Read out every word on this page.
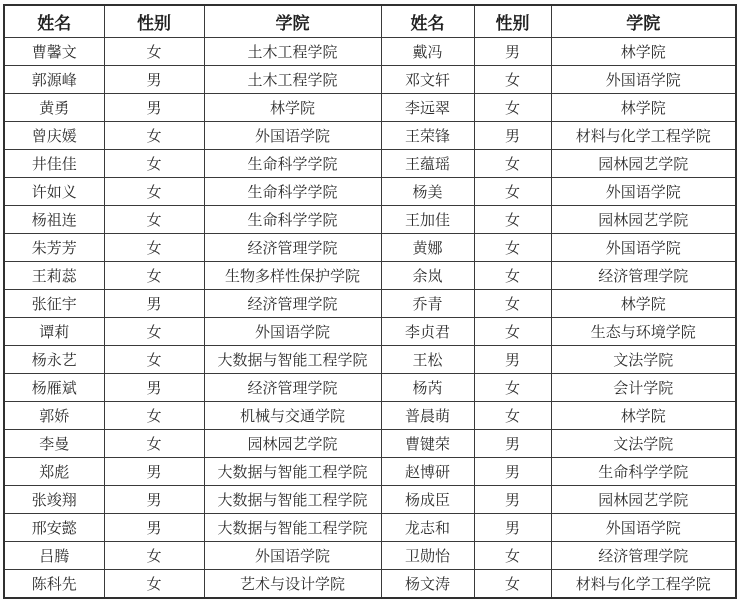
姓名	性别	学院	姓名	性别	学院
曹馨文	女	土木工程学院	戴冯	男	林学院
郭源峰	男	土木工程学院	邓文轩	女	外国语学院
黄勇	男	林学院	李远翠	女	林学院
曾庆媛	女	外国语学院	王荣锋	男	材料与化学工程学院
井佳佳	女	生命科学学院	王蕴瑶	女	园林园艺学院
许如义	女	生命科学学院	杨美	女	外国语学院
杨祖连	女	生命科学学院	王加佳	女	园林园艺学院
朱芳芳	女	经济管理学院	黄娜	女	外国语学院
王莉蕊	女	生物多样性保护学院	余岚	女	经济管理学院
张征宇	男	经济管理学院	乔青	女	林学院
谭莉	女	外国语学院	李贞君	女	生态与环境学院
杨永艺	女	大数据与智能工程学院	王松	男	文法学院
杨雁斌	男	经济管理学院	杨芮	女	会计学院
郭娇	女	机械与交通学院	普晨萌	女	林学院
李曼	女	园林园艺学院	曹键荣	男	文法学院
郑彪	男	大数据与智能工程学院	赵博研	男	生命科学学院
张竣翔	男	大数据与智能工程学院	杨成臣	男	园林园艺学院
邢安懿	男	大数据与智能工程学院	龙志和	男	外国语学院
吕腾	女	外国语学院	卫勋怡	女	经济管理学院
陈科先	女	艺术与设计学院	杨文涛	女	材料与化学工程学院
